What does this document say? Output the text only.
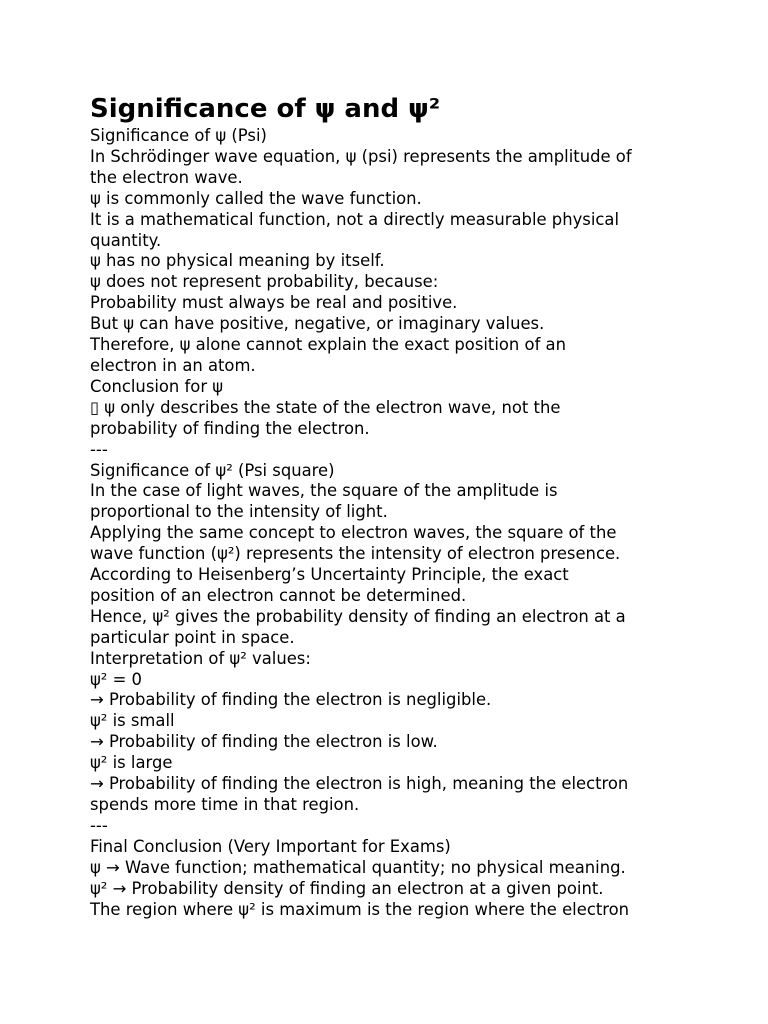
Significance of ψ and ψ²

Significance of ψ (Psi)

In Schrödinger wave equation, ψ (psi) represents the amplitude of

the electron wave.

ψ is commonly called the wave function.

It is a mathematical function, not a directly measurable physical

quantity.

ψ has no physical meaning by itself.

ψ does not represent probability, because:

Probability must always be real and positive.

But ψ can have positive, negative, or imaginary values.

Therefore, ψ alone cannot explain the exact position of an

electron in an atom.

Conclusion for ψ

▯ ψ only describes the state of the electron wave, not the

probability of finding the electron.

---

Significance of ψ² (Psi square)

In the case of light waves, the square of the amplitude is

proportional to the intensity of light.

Applying the same concept to electron waves, the square of the

wave function (ψ²) represents the intensity of electron presence.

According to Heisenberg’s Uncertainty Principle, the exact

position of an electron cannot be determined.

Hence, ψ² gives the probability density of finding an electron at a

particular point in space.

Interpretation of ψ² values:

ψ² = 0

→ Probability of finding the electron is negligible.

ψ² is small

→ Probability of finding the electron is low.

ψ² is large

→ Probability of finding the electron is high, meaning the electron

spends more time in that region.

---

Final Conclusion (Very Important for Exams)

ψ → Wave function; mathematical quantity; no physical meaning.

ψ² → Probability density of finding an electron at a given point.

The region where ψ² is maximum is the region where the electron
